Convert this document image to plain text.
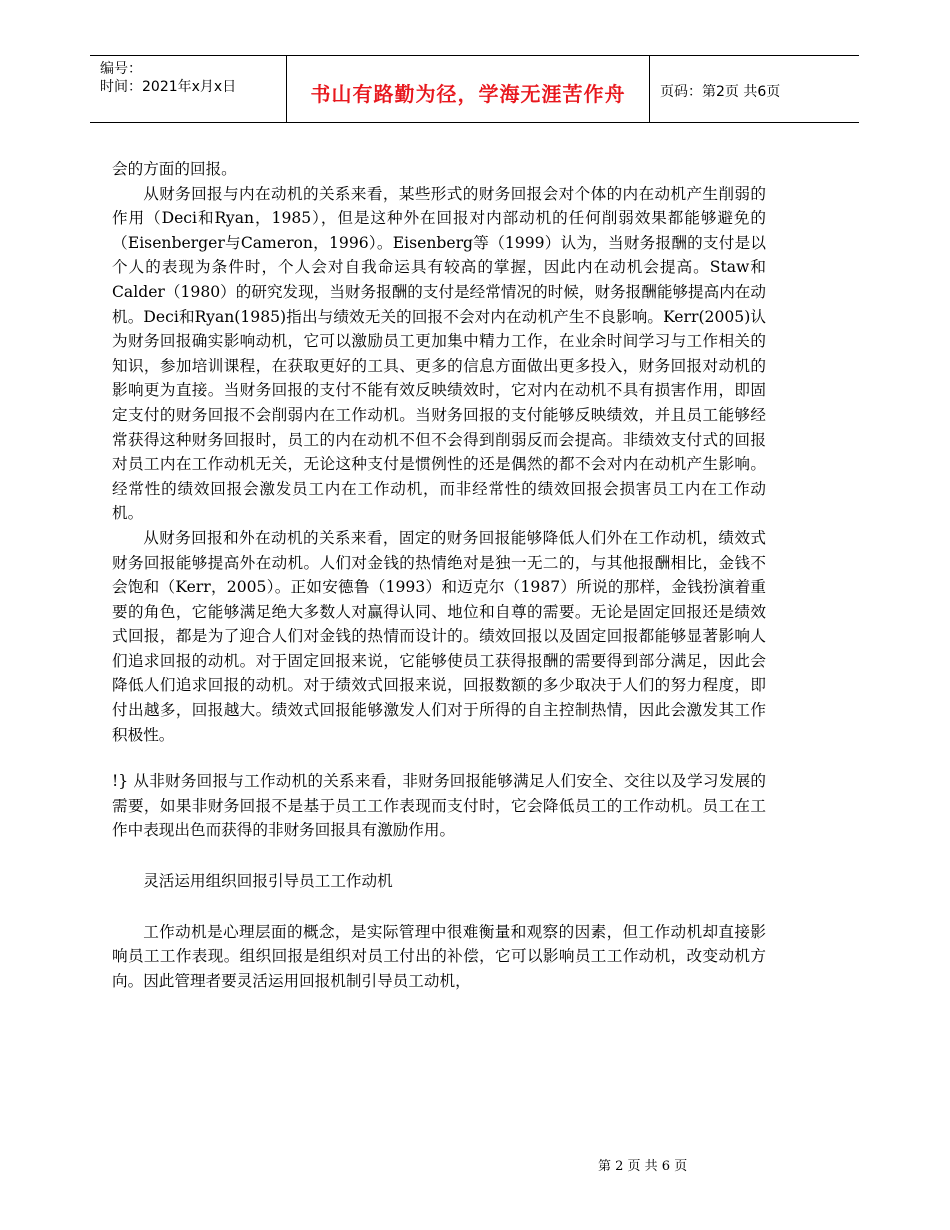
编号：
时间：2021年x月x日	书山有路勤为径，学海无涯苦作舟	页码：第2页 共6页

会的方面的回报。

从财务回报与内在动机的关系来看，某些形式的财务回报会对个体的内在动机产生削弱的作用（Deci和Ryan，1985），但是这种外在回报对内部动机的任何削弱效果都能够避免的（Eisenberger与Cameron，1996）。Eisenberg等（1999）认为，当财务报酬的支付是以个人的表现为条件时，个人会对自我命运具有较高的掌握，因此内在动机会提高。Staw和Calder（1980）的研究发现，当财务报酬的支付是经常情况的时候，财务报酬能够提高内在动机。Deci和Ryan(1985)指出与绩效无关的回报不会对内在动机产生不良影响。Kerr(2005)认为财务回报确实影响动机，它可以激励员工更加集中精力工作，在业余时间学习与工作相关的知识，参加培训课程，在获取更好的工具、更多的信息方面做出更多投入，财务回报对动机的影响更为直接。当财务回报的支付不能有效反映绩效时，它对内在动机不具有损害作用，即固定支付的财务回报不会削弱内在工作动机。当财务回报的支付能够反映绩效，并且员工能够经常获得这种财务回报时，员工的内在动机不但不会得到削弱反而会提高。非绩效支付式的回报对员工内在工作动机无关，无论这种支付是惯例性的还是偶然的都不会对内在动机产生影响。经常性的绩效回报会激发员工内在工作动机，而非经常性的绩效回报会损害员工内在工作动机。

从财务回报和外在动机的关系来看，固定的财务回报能够降低人们外在工作动机，绩效式财务回报能够提高外在动机。人们对金钱的热情绝对是独一无二的，与其他报酬相比，金钱不会饱和（Kerr，2005）。正如安德鲁（1993）和迈克尔（1987）所说的那样，金钱扮演着重要的角色，它能够满足绝大多数人对赢得认同、地位和自尊的需要。无论是固定回报还是绩效式回报，都是为了迎合人们对金钱的热情而设计的。绩效回报以及固定回报都能够显著影响人们追求回报的动机。对于固定回报来说，它能够使员工获得报酬的需要得到部分满足，因此会降低人们追求回报的动机。对于绩效式回报来说，回报数额的多少取决于人们的努力程度，即付出越多，回报越大。绩效式回报能够激发人们对于所得的自主控制热情，因此会激发其工作积极性。

!} 从非财务回报与工作动机的关系来看，非财务回报能够满足人们安全、交往以及学习发展的需要，如果非财务回报不是基于员工工作表现而支付时，它会降低员工的工作动机。员工在工作中表现出色而获得的非财务回报具有激励作用。

灵活运用组织回报引导员工工作动机

工作动机是心理层面的概念，是实际管理中很难衡量和观察的因素，但工作动机却直接影响员工工作表现。组织回报是组织对员工付出的补偿，它可以影响员工工作动机，改变动机方向。因此管理者要灵活运用回报机制引导员工动机，

第 2 页 共 6 页
